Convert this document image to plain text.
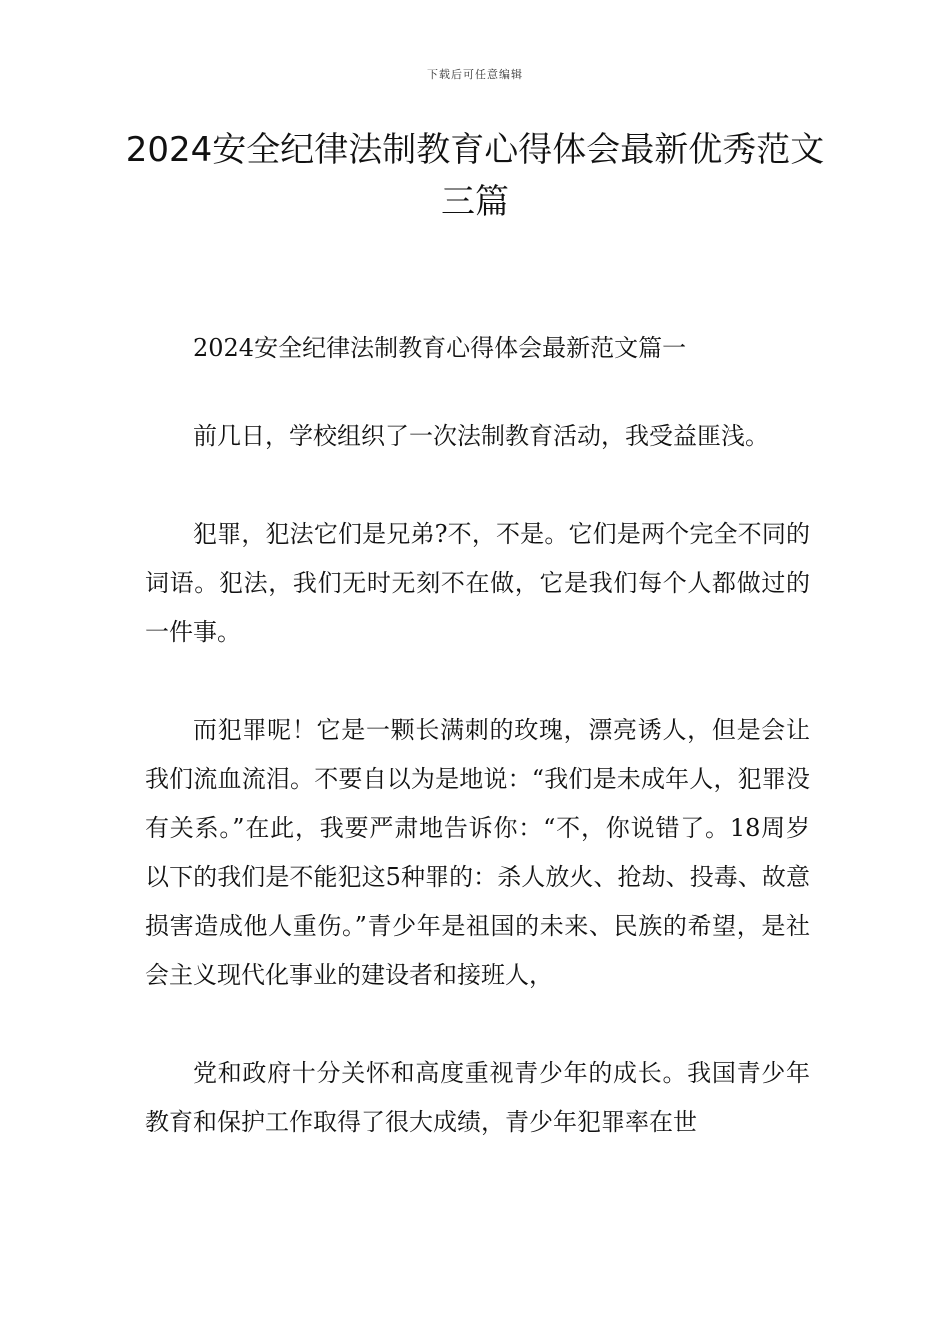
下载后可任意编辑
2024安全纪律法制教育心得体会最新优秀范文三篇

2024安全纪律法制教育心得体会最新范文篇一

前几日，学校组织了一次法制教育活动，我受益匪浅。

犯罪，犯法它们是兄弟?不，不是。它们是两个完全不同的词语。犯法，我们无时无刻不在做，它是我们每个人都做过的一件事。

而犯罪呢！它是一颗长满刺的玫瑰，漂亮诱人，但是会让我们流血流泪。不要自以为是地说：“我们是未成年人，犯罪没有关系。”在此，我要严肃地告诉你：“不，你说错了。18周岁以下的我们是不能犯这5种罪的：杀人放火、抢劫、投毒、故意损害造成他人重伤。”青少年是祖国的未来、民族的希望，是社会主义现代化事业的建设者和接班人，

党和政府十分关怀和高度重视青少年的成长。我国青少年教育和保护工作取得了很大成绩，青少年犯罪率在世
